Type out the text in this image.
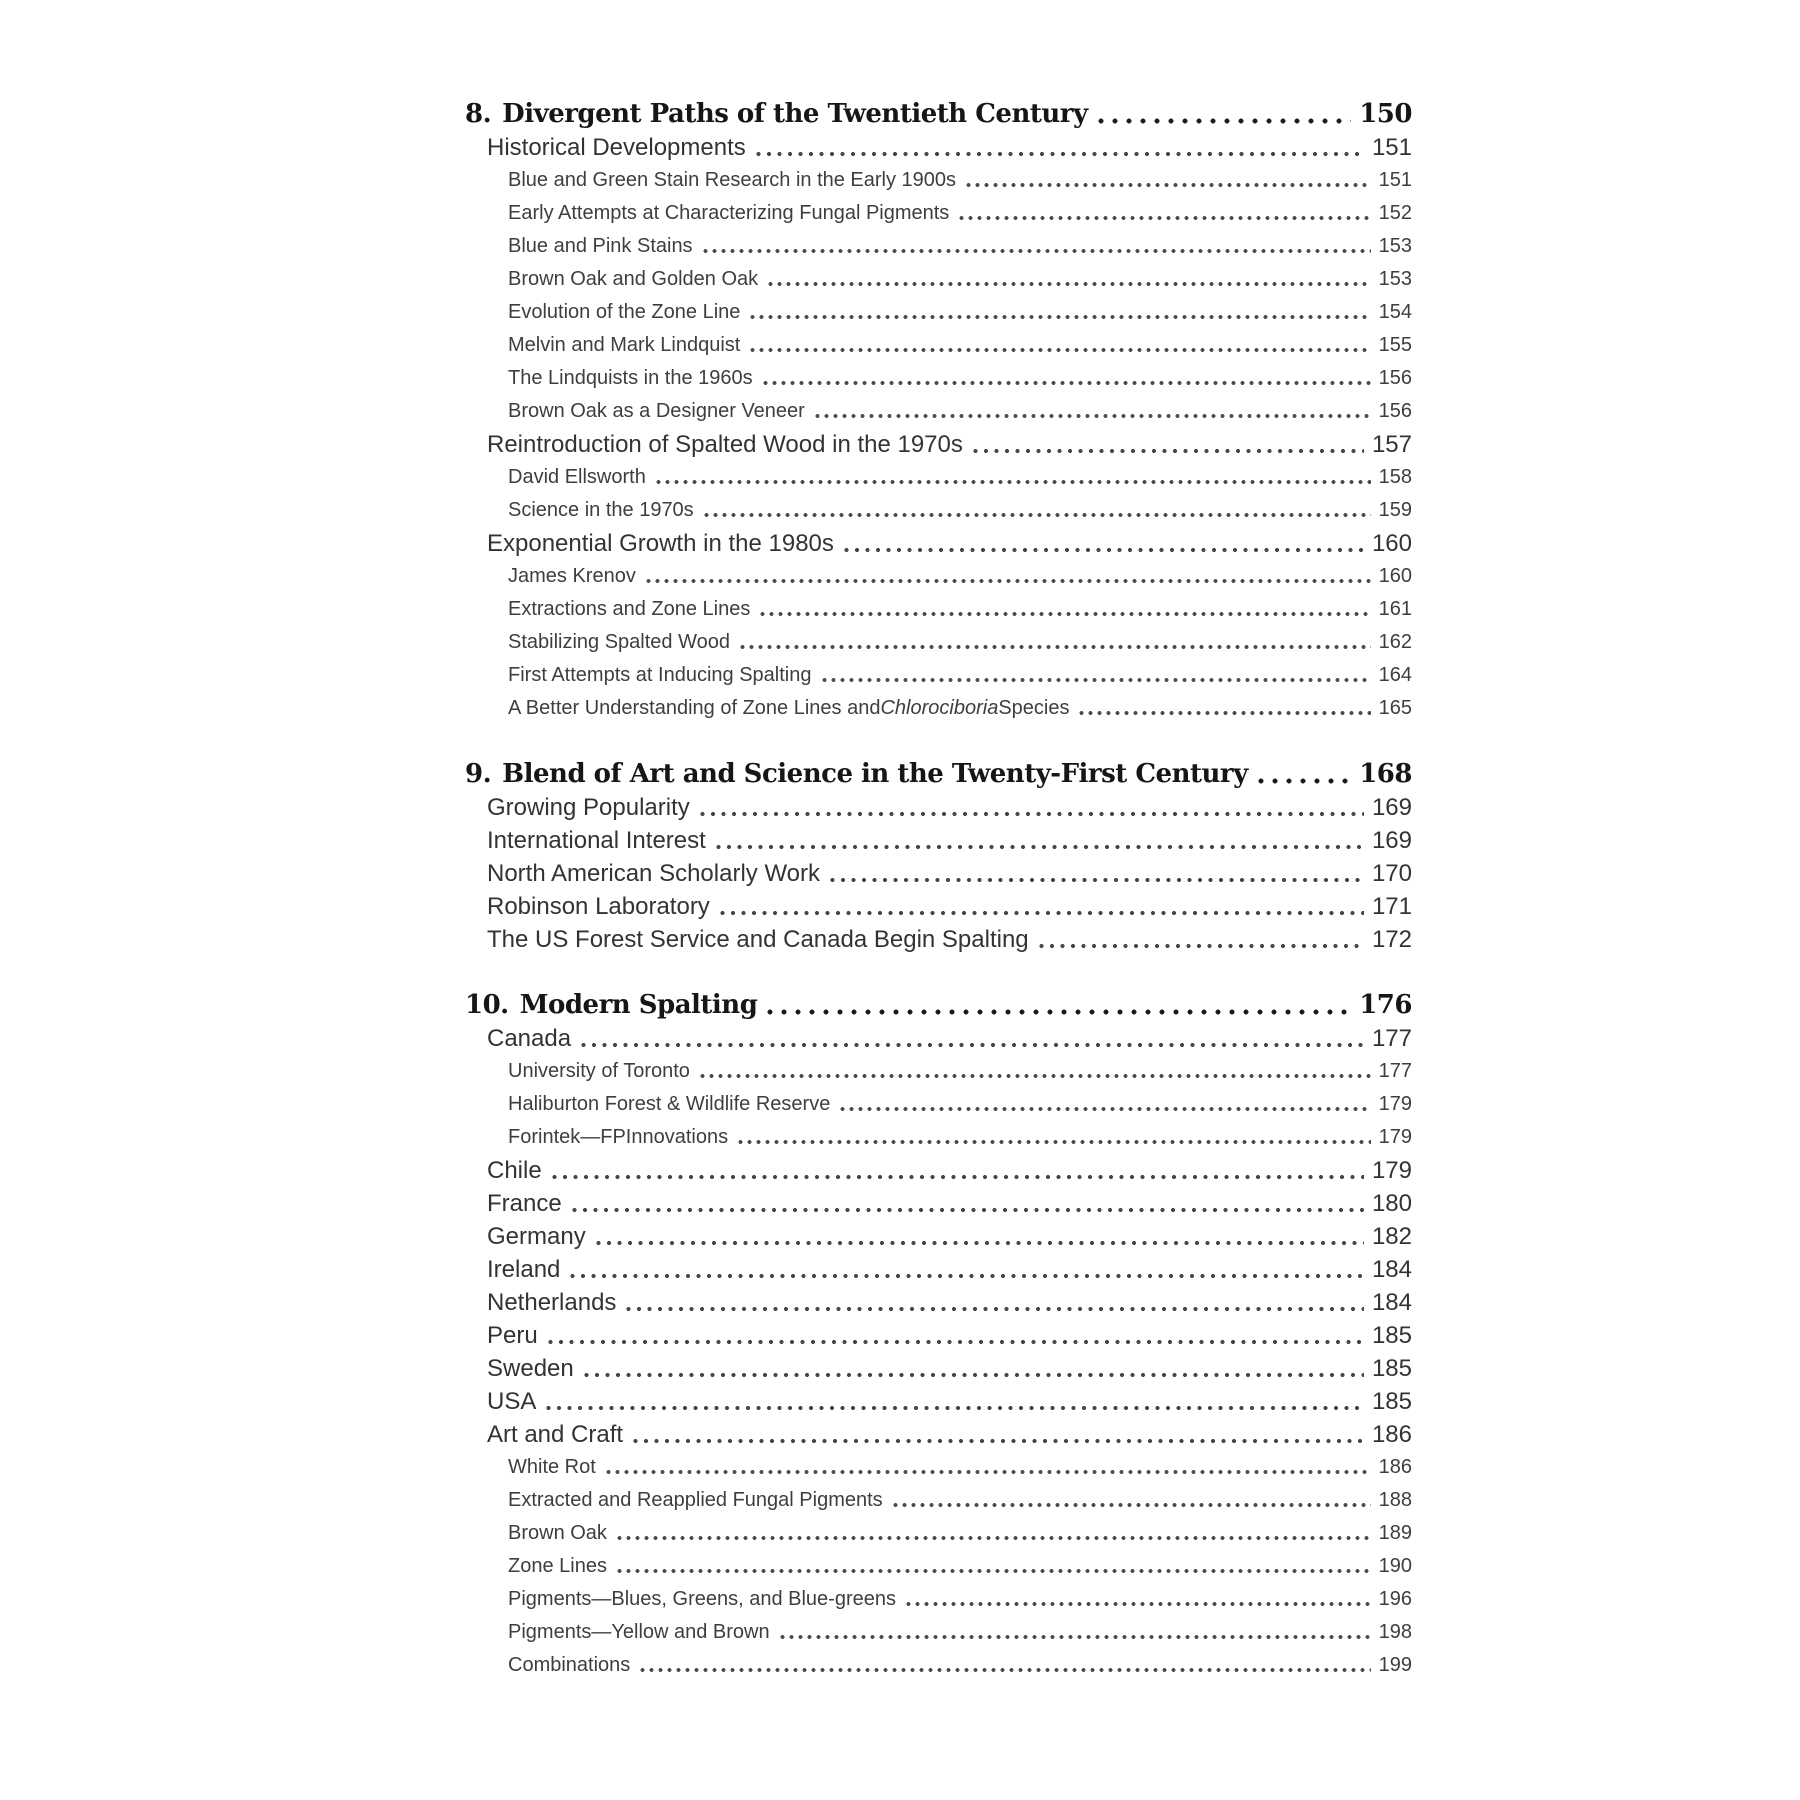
8. Divergent Paths of the Twentieth Century	150
Historical Developments	151
Blue and Green Stain Research in the Early 1900s	151
Early Attempts at Characterizing Fungal Pigments	152
Blue and Pink Stains	153
Brown Oak and Golden Oak	153
Evolution of the Zone Line	154
Melvin and Mark Lindquist	155
The Lindquists in the 1960s	156
Brown Oak as a Designer Veneer	156
Reintroduction of Spalted Wood in the 1970s	157
David Ellsworth	158
Science in the 1970s	159
Exponential Growth in the 1980s	160
James Krenov	160
Extractions and Zone Lines	161
Stabilizing Spalted Wood	162
First Attempts at Inducing Spalting	164
A Better Understanding of Zone Lines and Chlorociboria Species	165
9. Blend of Art and Science in the Twenty-First Century	168
Growing Popularity	169
International Interest	169
North American Scholarly Work	170
Robinson Laboratory	171
The US Forest Service and Canada Begin Spalting	172
10. Modern Spalting	176
Canada	177
University of Toronto	177
Haliburton Forest & Wildlife Reserve	179
Forintek—FPInnovations	179
Chile	179
France	180
Germany	182
Ireland	184
Netherlands	184
Peru	185
Sweden	185
USA	185
Art and Craft	186
White Rot	186
Extracted and Reapplied Fungal Pigments	188
Brown Oak	189
Zone Lines	190
Pigments—Blues, Greens, and Blue-greens	196
Pigments—Yellow and Brown	198
Combinations	199
